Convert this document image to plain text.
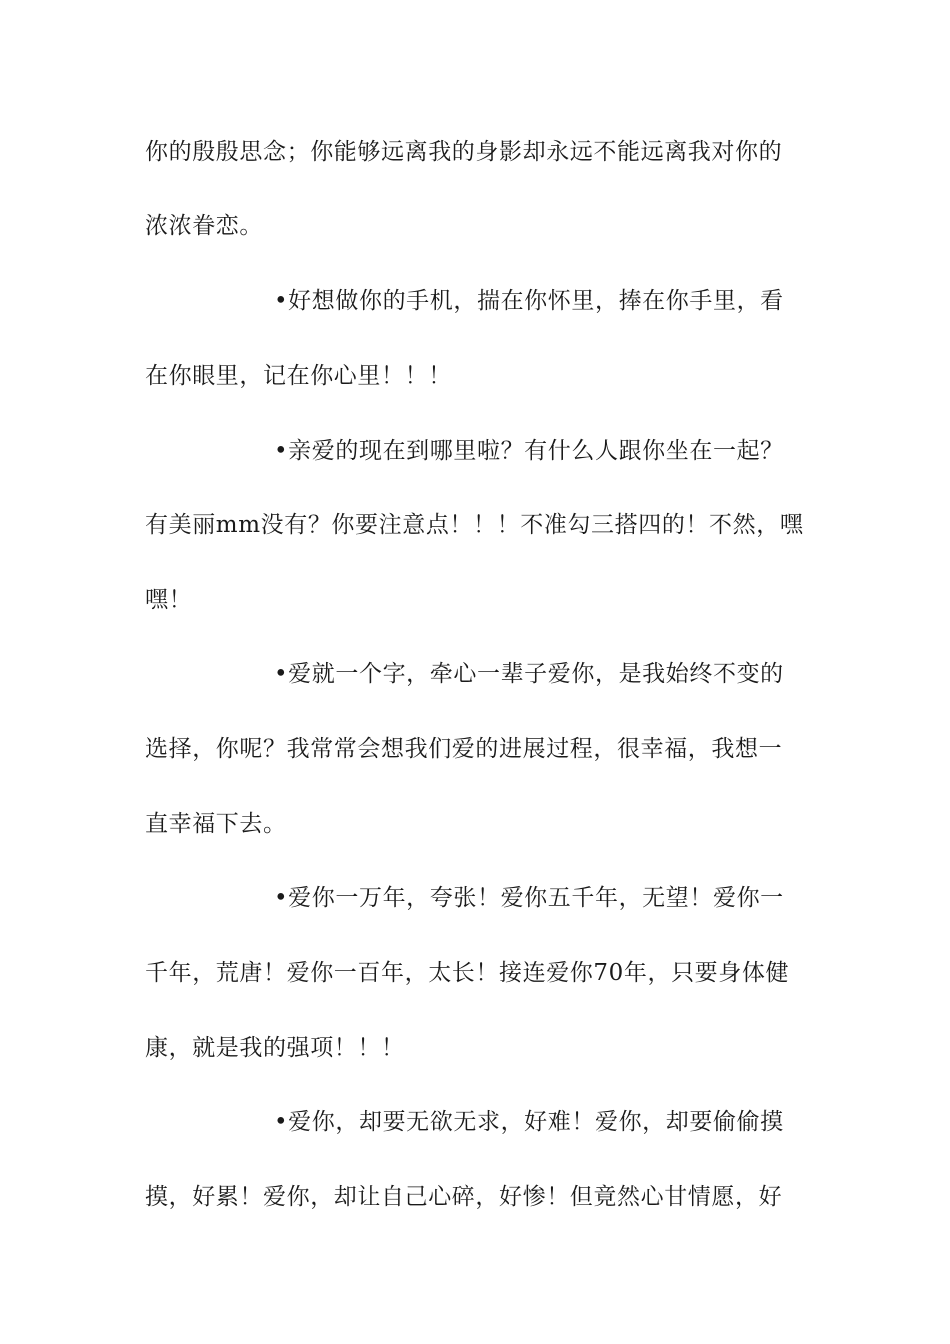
你的殷殷思念；你能够远离我的身影却永远不能远离我对你的
浓浓眷恋。
•好想做你的手机，揣在你怀里，捧在你手里，看
在你眼里，记在你心里！！！
•亲爱的现在到哪里啦？有什么人跟你坐在一起？
有美丽mm没有？你要注意点！！！不准勾三搭四的！不然，嘿
嘿！
•爱就一个字，牵心一辈子爱你，是我始终不变的
选择，你呢？我常常会想我们爱的进展过程，很幸福，我想一
直幸福下去。
•爱你一万年，夸张！爱你五千年，无望！爱你一
千年，荒唐！爱你一百年，太长！接连爱你70年，只要身体健
康，就是我的强项！！！
•爱你，却要无欲无求，好难！爱你，却要偷偷摸
摸，好累！爱你，却让自己心碎，好惨！但竟然心甘情愿，好
